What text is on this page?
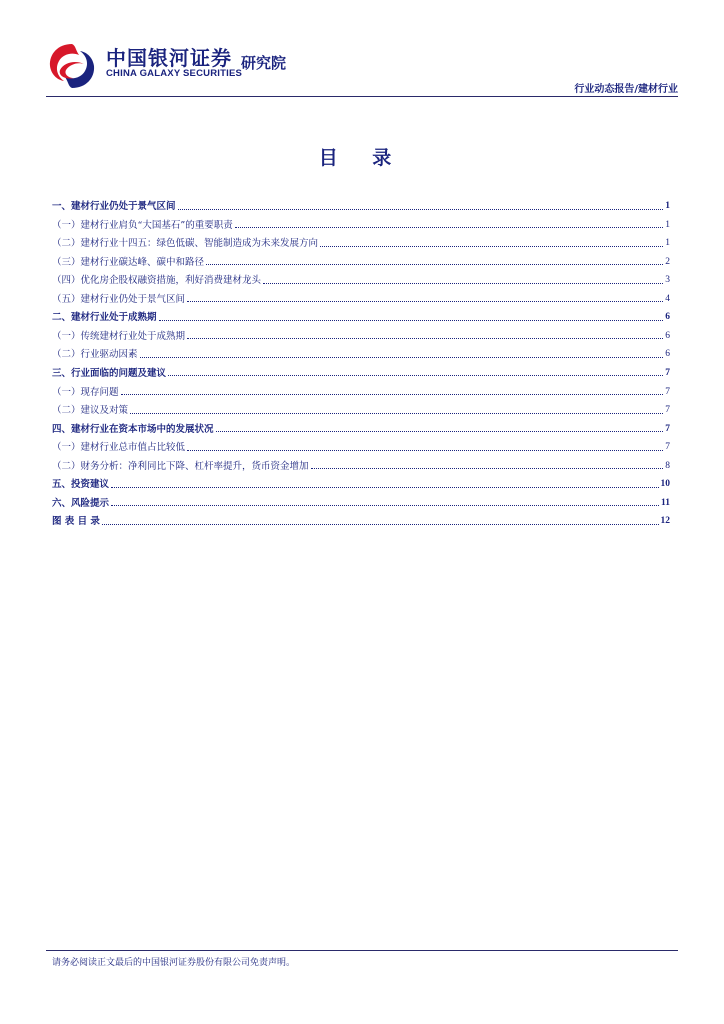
中国银河证券
CHINA GALAXY SECURITIES
研究院
行业动态报告/建材行业
目 录
一、建材行业仍处于景气区间	1
（一）建材行业肩负“大国基石”的重要职责	1
（二）建材行业十四五：绿色低碳、智能制造成为未来发展方向	1
（三）建材行业碳达峰、碳中和路径	2
（四）优化房企股权融资措施，利好消费建材龙头	3
（五）建材行业仍处于景气区间	4
二、建材行业处于成熟期	6
（一）传统建材行业处于成熟期	6
（二）行业驱动因素	6
三、行业面临的问题及建议	7
（一）现存问题	7
（二）建议及对策	7
四、建材行业在资本市场中的发展状况	7
（一）建材行业总市值占比较低	7
（二）财务分析：净利同比下降、杠杆率提升，货币资金增加	8
五、投资建议	10
六、风险提示	11
图 表 目 录	12
请务必阅读正文最后的中国银河证券股份有限公司免责声明。
